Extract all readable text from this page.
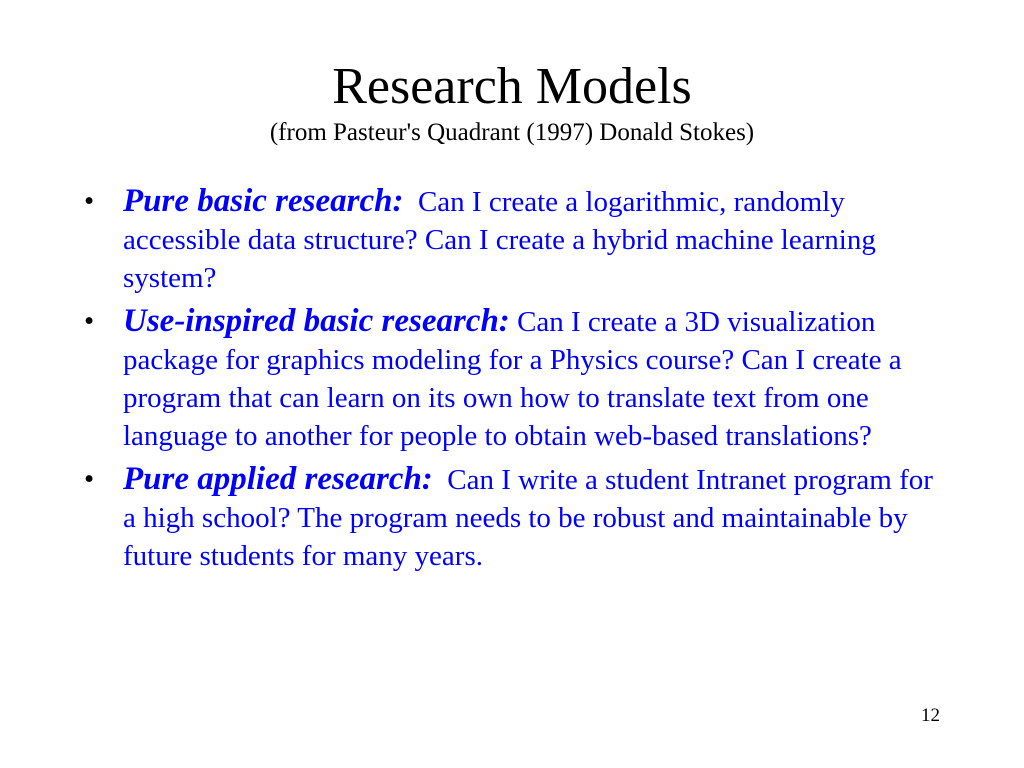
Research Models
(from Pasteur's Quadrant (1997) Donald Stokes)
• Pure basic research: Can I create a logarithmic, randomly accessible data structure? Can I create a hybrid machine learning system?
• Use-inspired basic research: Can I create a 3D visualization package for graphics modeling for a Physics course? Can I create a program that can learn on its own how to translate text from one language to another for people to obtain web-based translations?
• Pure applied research: Can I write a student Intranet program for a high school? The program needs to be robust and maintainable by future students for many years.
12
